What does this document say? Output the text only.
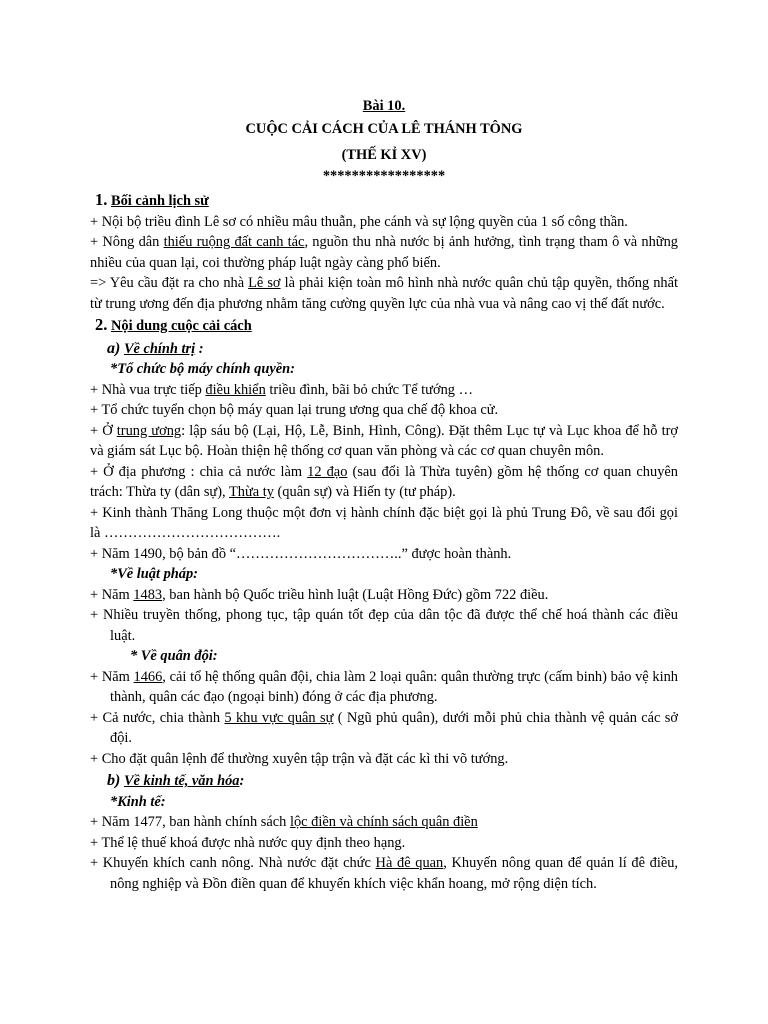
Bài 10.
CUỘC CẢI CÁCH CỦA LÊ THÁNH TÔNG
(THẾ KỈ XV)
*****************
1. Bối cảnh lịch sử

+ Nội bộ triều đình Lê sơ có nhiều mâu thuẫn, phe cánh và sự lộng quyền của 1 số công thần.

+ Nông dân thiếu ruộng đất canh tác, nguồn thu nhà nước bị ảnh hưởng, tình trạng tham ô và những nhiều của quan lại, coi thường pháp luật ngày càng phổ biến.

=> Yêu cầu đặt ra cho nhà Lê sơ là phải kiện toàn mô hình nhà nước quân chủ tập quyền, thống nhất từ trung ương đến địa phương nhằm tăng cường quyền lực của nhà vua và nâng cao vị thế đất nước.

2. Nội dung cuộc cải cách
a) Về chính trị :
*Tổ chức bộ máy chính quyền:

+ Nhà vua trực tiếp điều khiển triều đình, bãi bỏ chức Tể tướng …

+ Tổ chức tuyển chọn bộ máy quan lại trung ương qua chế độ khoa cử.

+ Ở trung ương: lập sáu bộ (Lại, Hộ, Lễ, Binh, Hình, Công). Đặt thêm Lục tự và Lục khoa để hỗ trợ và giám sát Lục bộ. Hoàn thiện hệ thống cơ quan văn phòng và các cơ quan chuyên môn.

+ Ở địa phương : chia cả nước làm 12 đạo (sau đổi là Thừa tuyên) gồm hệ thống cơ quan chuyên trách: Thừa ty (dân sự), Thừa ty (quân sự) và Hiến ty (tư pháp).

+ Kinh thành Thăng Long thuộc một đơn vị hành chính đặc biệt gọi là phủ Trung Đô, về sau đổi gọi là ……………………………….

+ Năm 1490, bộ bản đồ “……………………………..” được hoàn thành.

*Về luật pháp:

+ Năm 1483, ban hành bộ Quốc triều hình luật (Luật Hồng Đức) gồm 722 điều.

+ Nhiều truyền thống, phong tục, tập quán tốt đẹp của dân tộc đã được thể chế hoá thành các điều luật.

* Về quân đội:

+ Năm 1466, cải tổ hệ thống quân đội, chia làm 2 loại quân: quân thường trực (cấm binh) bảo vệ kinh thành, quân các đạo (ngoại binh) đóng ở các địa phương.

+ Cả nước, chia thành 5 khu vực quân sự ( Ngũ phủ quân), dưới mỗi phủ chia thành vệ quản các sở đội.

+ Cho đặt quân lệnh để thường xuyên tập trận và đặt các kì thi võ tướng.

b) Về kinh tế, văn hóa:
*Kinh tế:

+ Năm 1477, ban hành chính sách lộc điền và chính sách quân điền

+ Thể lệ thuế khoá được nhà nước quy định theo hạng.

+ Khuyến khích canh nông. Nhà nước đặt chức Hà đê quan, Khuyến nông quan để quản lí đê điều, nông nghiệp và Đồn điền quan để khuyến khích việc khẩn hoang, mở rộng diện tích.
